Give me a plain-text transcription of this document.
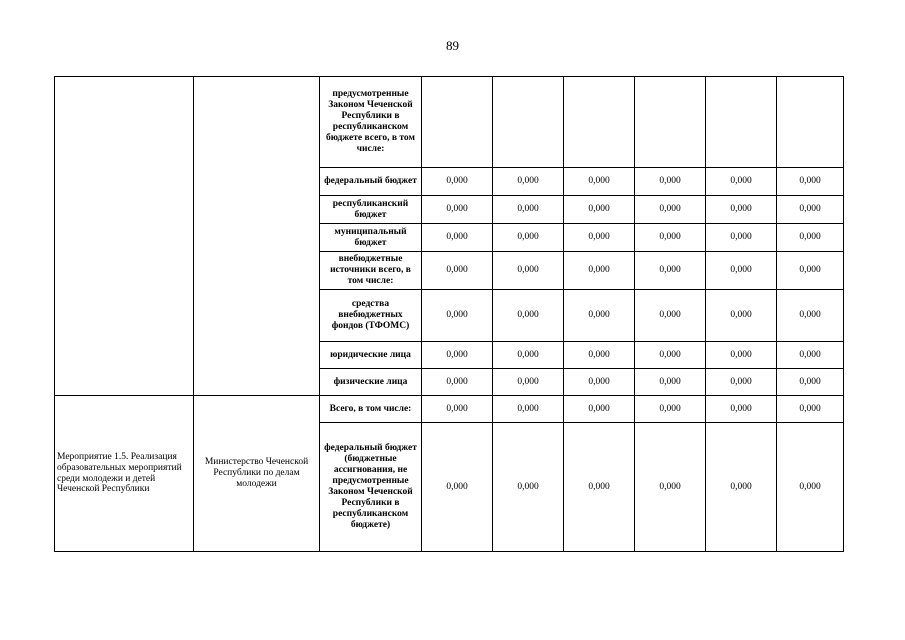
89
		предусмотренные Законом Чеченской Республики в республиканском бюджете всего, в том числе:						
		федеральный бюджет	0,000	0,000	0,000	0,000	0,000	0,000
		республиканский бюджет	0,000	0,000	0,000	0,000	0,000	0,000
		муниципальный бюджет	0,000	0,000	0,000	0,000	0,000	0,000
		внебюджетные источники всего, в том числе:	0,000	0,000	0,000	0,000	0,000	0,000
		средства внебюджетных фондов (ТФОМС)	0,000	0,000	0,000	0,000	0,000	0,000
		юридические лица	0,000	0,000	0,000	0,000	0,000	0,000
		физические лица	0,000	0,000	0,000	0,000	0,000	0,000
Мероприятие 1.5. Реализация образовательных мероприятий среди молодежи и детей Чеченской Республики	Министерство Чеченской Республики по делам молодежи	Всего, в том числе:	0,000	0,000	0,000	0,000	0,000	0,000
		федеральный бюджет (бюджетные ассигнования, не предусмотренные Законом Чеченской Республики в республиканском бюджете)	0,000	0,000	0,000	0,000	0,000	0,000
